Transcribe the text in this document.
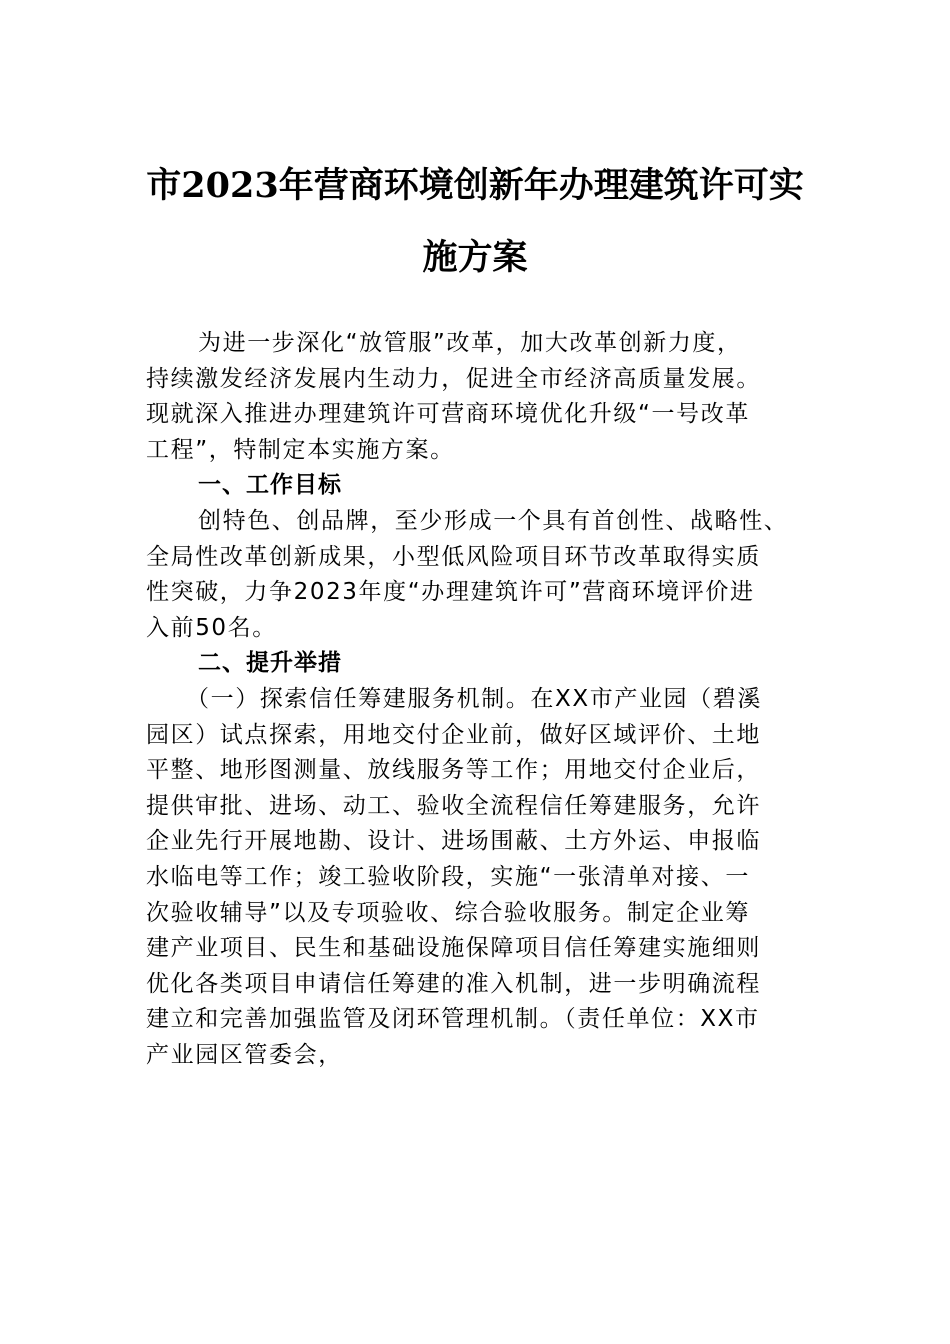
市2023年营商环境创新年办理建筑许可实
施方案
为进一步深化“放管服”改革，加大改革创新力度，
持续激发经济发展内生动力，促进全市经济高质量发展。
现就深入推进办理建筑许可营商环境优化升级“一号改革
工程”，特制定本实施方案。
一、工作目标
创特色、创品牌，至少形成一个具有首创性、战略性、
全局性改革创新成果，小型低风险项目环节改革取得实质
性突破，力争2023年度“办理建筑许可”营商环境评价进
入前50名。
二、提升举措
（一）探索信任筹建服务机制。在XX市产业园（碧溪
园区）试点探索，用地交付企业前，做好区域评价、土地
平整、地形图测量、放线服务等工作；用地交付企业后，
提供审批、进场、动工、验收全流程信任筹建服务，允许
企业先行开展地勘、设计、进场围蔽、土方外运、申报临
水临电等工作；竣工验收阶段，实施“一张清单对接、一
次验收辅导”以及专项验收、综合验收服务。制定企业筹
建产业项目、民生和基础设施保障项目信任筹建实施细则
优化各类项目申请信任筹建的准入机制，进一步明确流程
建立和完善加强监管及闭环管理机制。（责任单位：XX市
产业园区管委会，
